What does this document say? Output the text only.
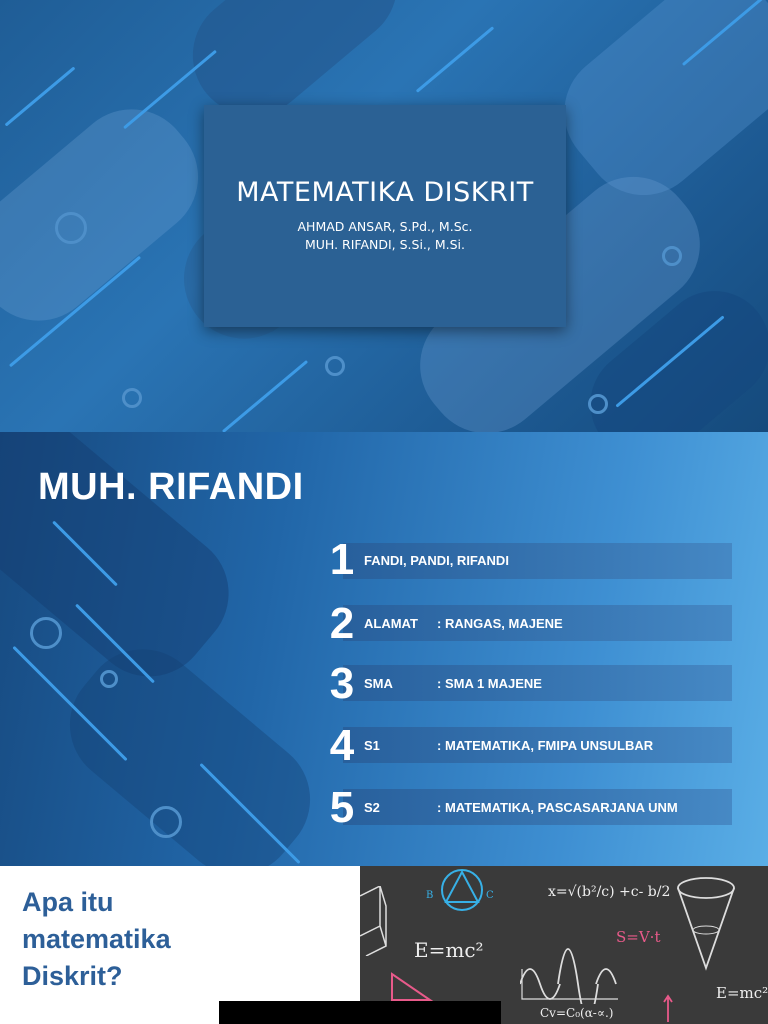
MATEMATIKA DISKRIT

AHMAD ANSAR, S.Pd., M.Sc.

MUH. RIFANDI, S.Si., M.Si.

MUH. RIFANDI
1 FANDI, PANDI, RIFANDI
2 ALAMAT : RANGAS, MAJENE
3 SMA	: SMA 1 MAJENE
4 S1	: MATEMATIKA, FMIPA UNSULBAR
5 S2	: MATEMATIKA, PASCASARJANA UNM
Apa itu
matematika
Diskrit?
B	C	x=√(b²/c) +c- b/2
E=mc²
S=V·t
E=mc²
Cv=C₀(α-∝.)
